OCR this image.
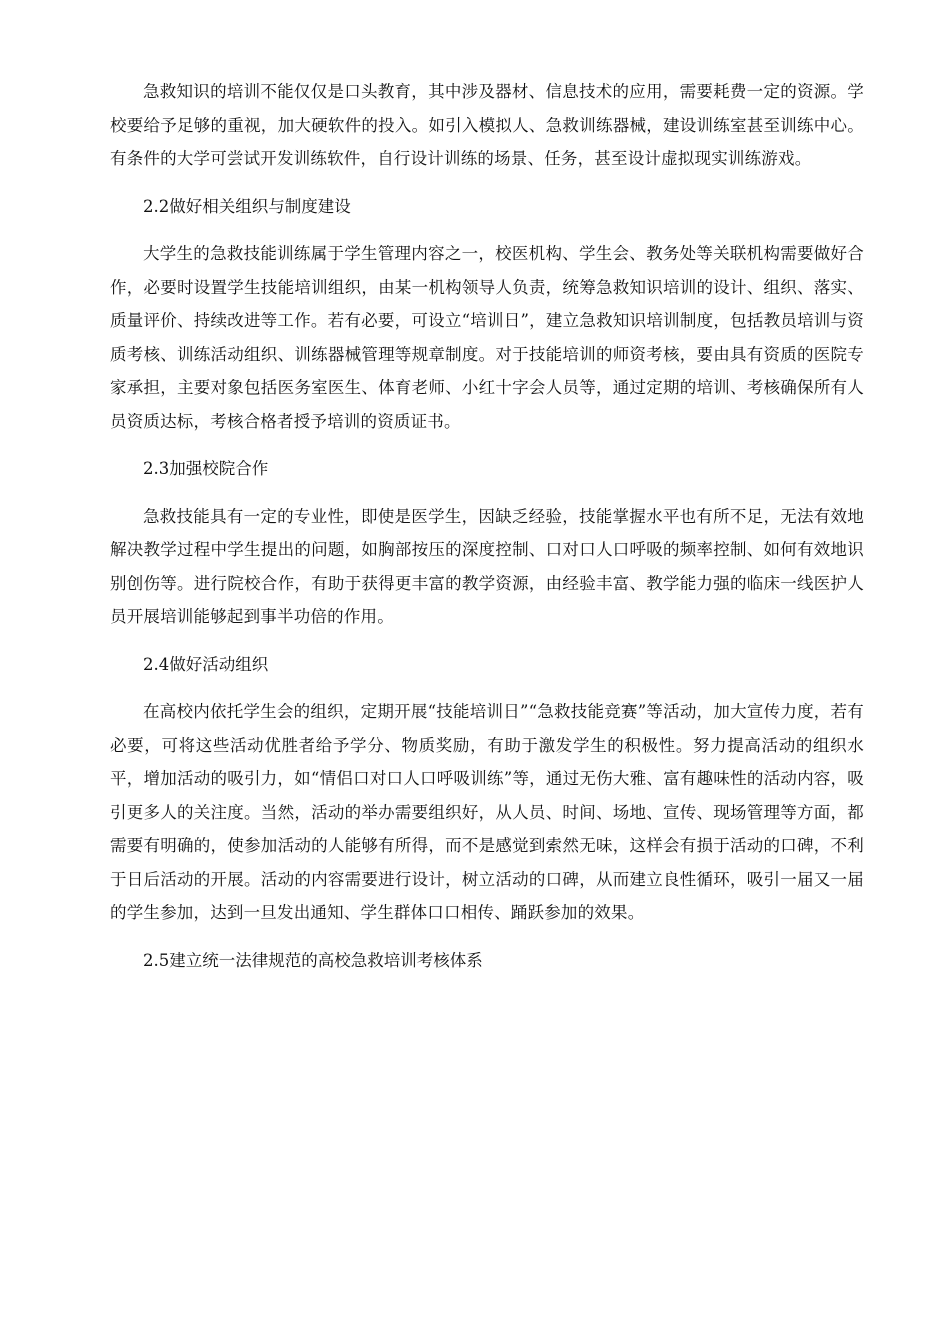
急救知识的培训不能仅仅是口头教育，其中涉及器材、信息技术的应用，需要耗费一定的资源。学校要给予足够的重视，加大硬软件的投入。如引入模拟人、急救训练器械，建设训练室甚至训练中心。有条件的大学可尝试开发训练软件，自行设计训练的场景、任务，甚至设计虚拟现实训练游戏。

2.2做好相关组织与制度建设

大学生的急救技能训练属于学生管理内容之一，校医机构、学生会、教务处等关联机构需要做好合作，必要时设置学生技能培训组织，由某一机构领导人负责，统筹急救知识培训的设计、组织、落实、质量评价、持续改进等工作。若有必要，可设立“培训日”，建立急救知识培训制度，包括教员培训与资质考核、训练活动组织、训练器械管理等规章制度。对于技能培训的师资考核，要由具有资质的医院专家承担，主要对象包括医务室医生、体育老师、小红十字会人员等，通过定期的培训、考核确保所有人员资质达标，考核合格者授予培训的资质证书。

2.3加强校院合作

急救技能具有一定的专业性，即使是医学生，因缺乏经验，技能掌握水平也有所不足，无法有效地解决教学过程中学生提出的问题，如胸部按压的深度控制、口对口人口呼吸的频率控制、如何有效地识别创伤等。进行院校合作，有助于获得更丰富的教学资源，由经验丰富、教学能力强的临床一线医护人员开展培训能够起到事半功倍的作用。

2.4做好活动组织

在高校内依托学生会的组织，定期开展“技能培训日”“急救技能竞赛”等活动，加大宣传力度，若有必要，可将这些活动优胜者给予学分、物质奖励，有助于激发学生的积极性。努力提高活动的组织水平，增加活动的吸引力，如“情侣口对口人口呼吸训练”等，通过无伤大雅、富有趣味性的活动内容，吸引更多人的关注度。当然，活动的举办需要组织好，从人员、时间、场地、宣传、现场管理等方面，都需要有明确的，使参加活动的人能够有所得，而不是感觉到索然无味，这样会有损于活动的口碑，不利于日后活动的开展。活动的内容需要进行设计，树立活动的口碑，从而建立良性循环，吸引一届又一届的学生参加，达到一旦发出通知、学生群体口口相传、踊跃参加的效果。

2.5建立统一法律规范的高校急救培训考核体系
